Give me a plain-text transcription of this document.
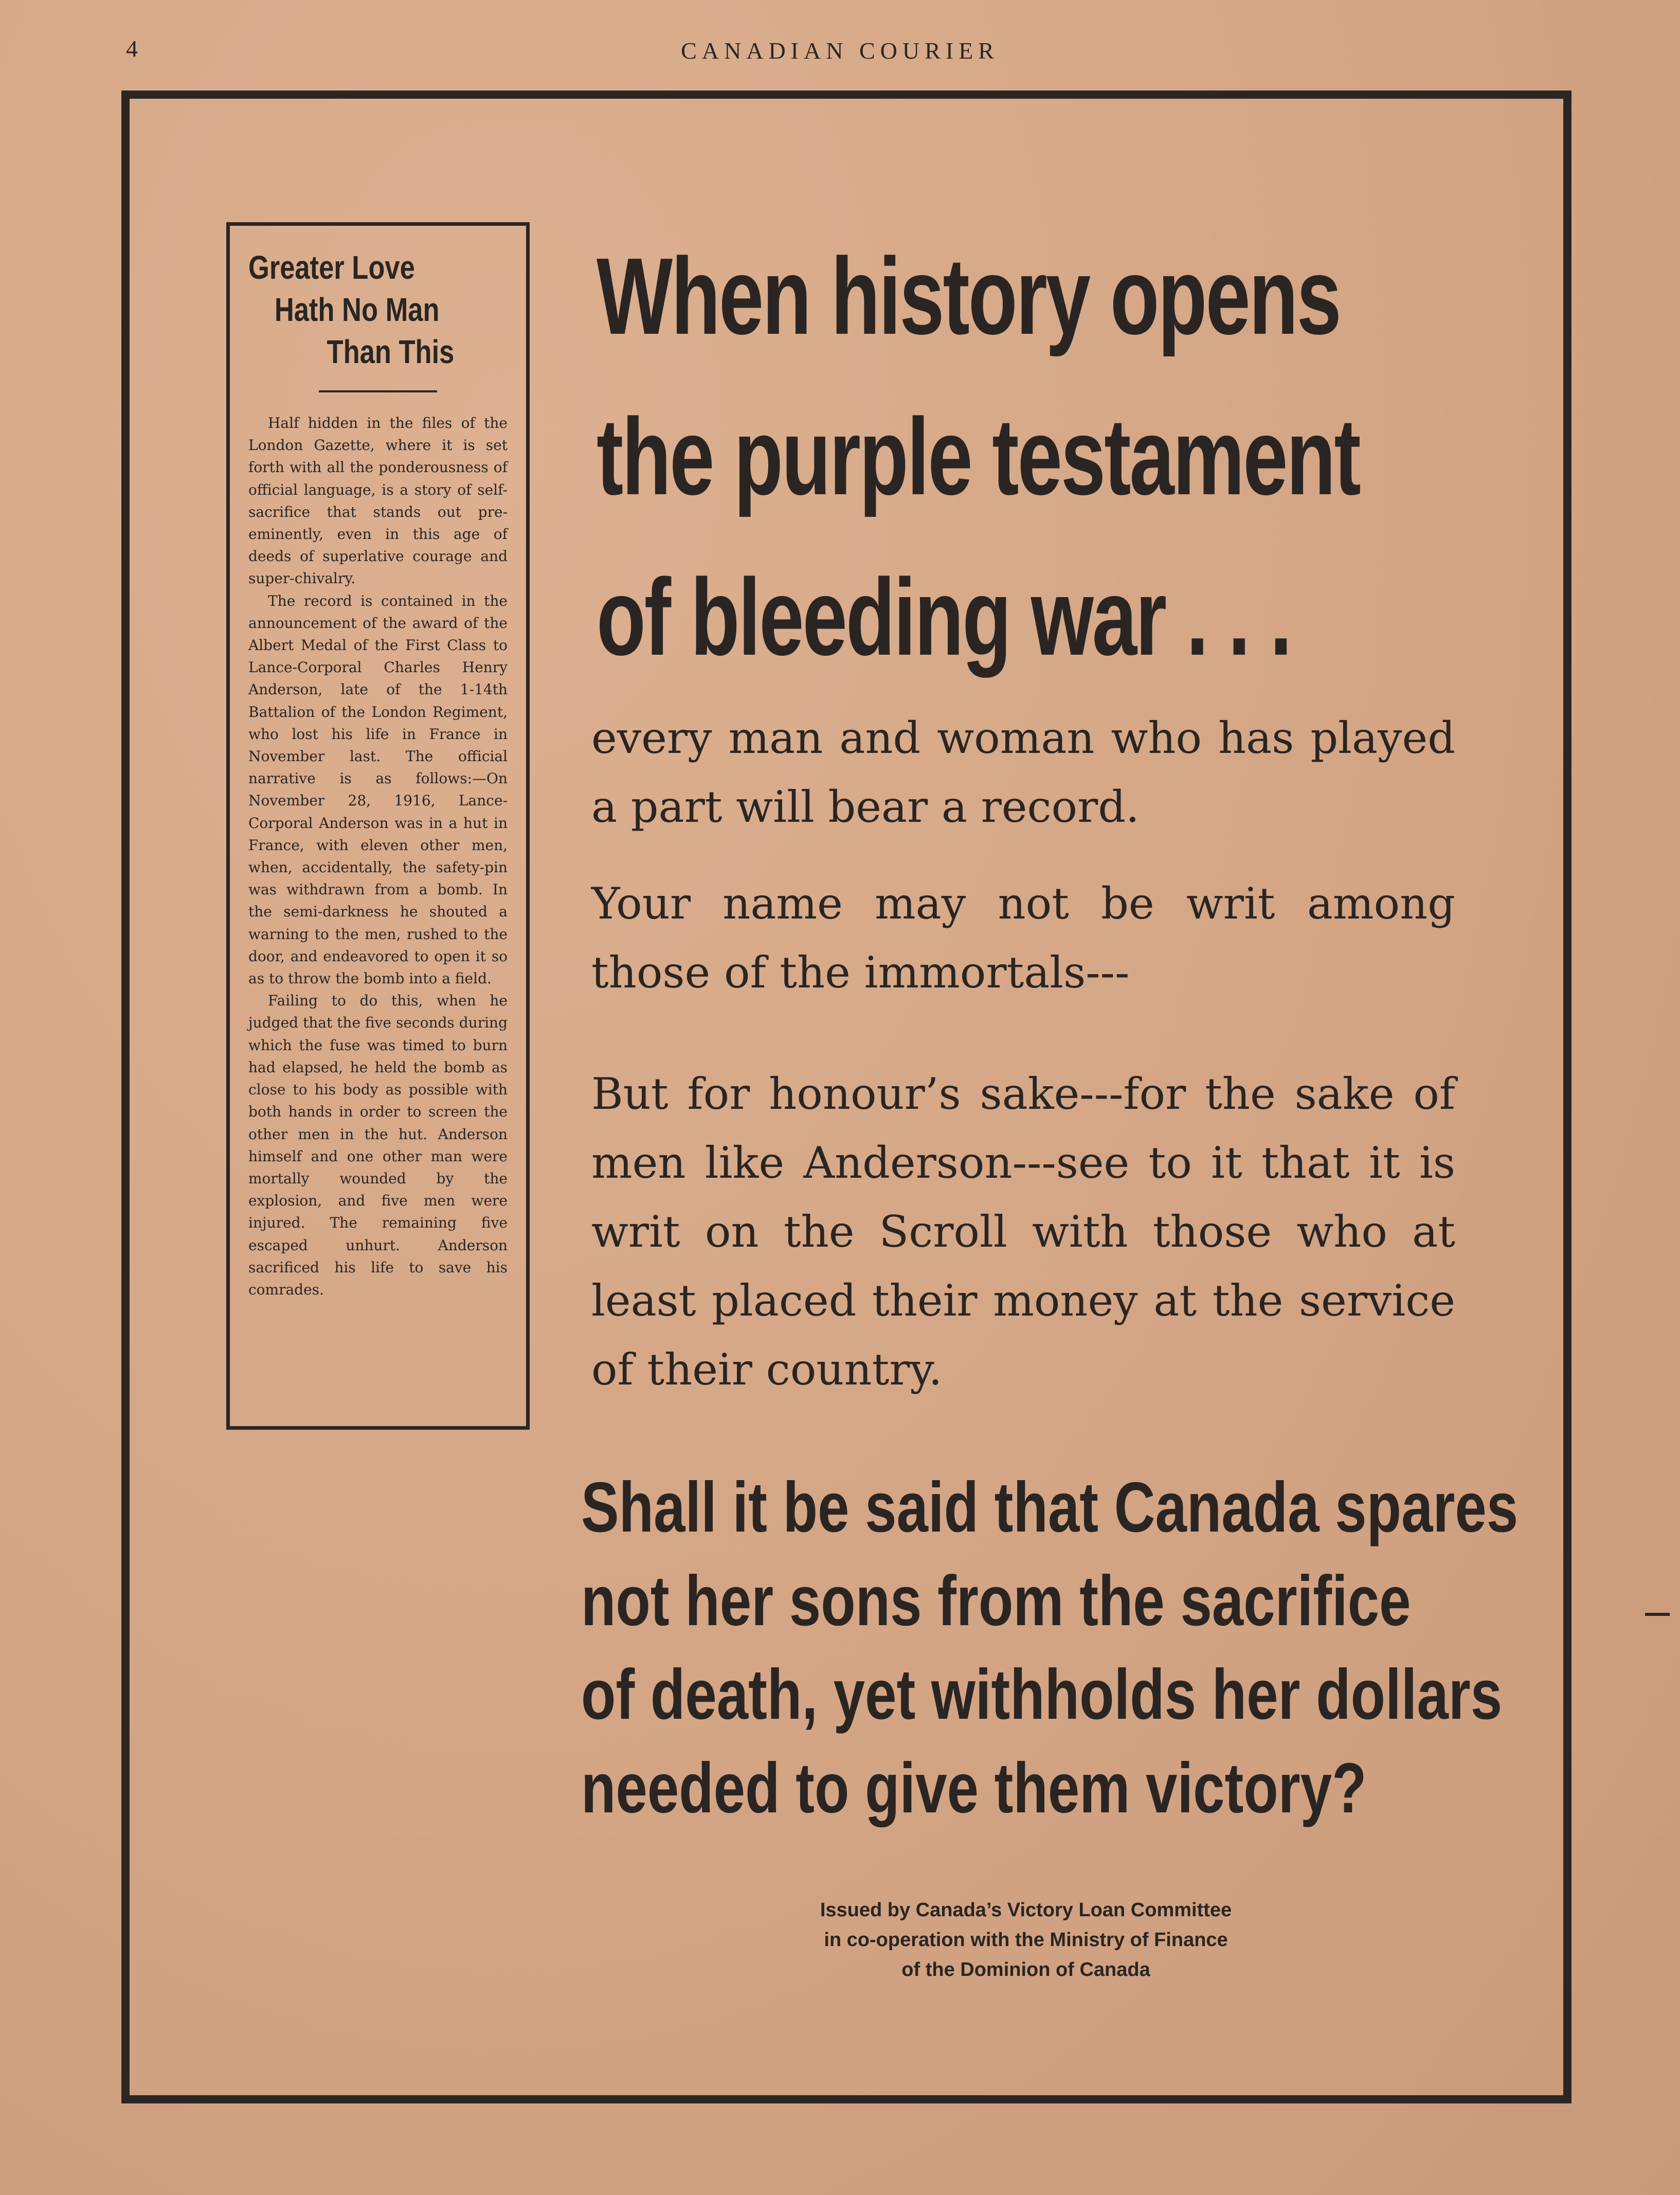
4	CANADIAN COURIER
Greater Love
Hath No Man
Than This

Half hidden in the files of the London Gazette, where it is set forth with all the ponderousness of official language, is a story of self-sacrifice that stands out pre-eminently, even in this age of deeds of superlative courage and super-chivalry.

The record is contained in the announcement of the award of the Albert Medal of the First Class to Lance-Corporal Charles Henry Anderson, late of the 1-14th Battalion of the London Regiment, who lost his life in France in November last. The official narrative is as follows:—On November 28, 1916, Lance-Corporal Anderson was in a hut in France, with eleven other men, when, accidentally, the safety-pin was withdrawn from a bomb. In the semi-darkness he shouted a warning to the men, rushed to the door, and endeavored to open it so as to throw the bomb into a field.

Failing to do this, when he judged that the five seconds during which the fuse was timed to burn had elapsed, he held the bomb as close to his body as possible with both hands in order to screen the other men in the hut. Anderson himself and one other man were mortally wounded by the explosion, and five men were injured. The remaining five escaped unhurt. Anderson sacrificed his life to save his comrades.

When history opens
the purple testament
of bleeding war . . .
every man and woman who has played a part will bear a record.
Your name may not be writ among those of the immortals---
But for honour’s sake---for the sake of men like Anderson---see to it that it is writ on the Scroll with those who at least placed their money at the service of their country.
Shall it be said that Canada spares
not her sons from the sacrifice
of death, yet withholds her dollars
needed to give them victory?
Issued by Canada’s Victory Loan Committee
in co-operation with the Ministry of Finance
of the Dominion of Canada
